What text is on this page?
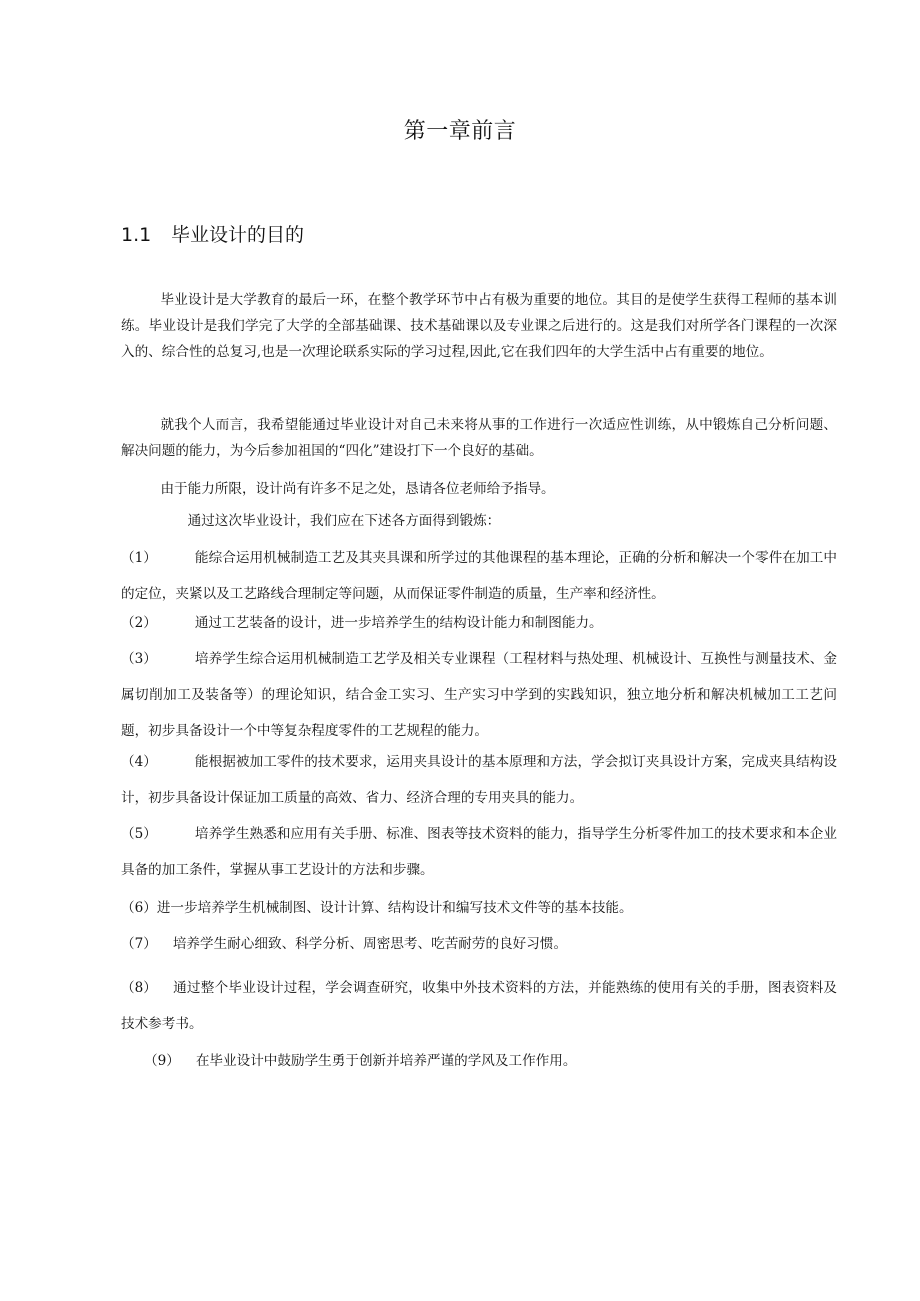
第一章前言
1.1 毕业设计的目的
毕业设计是大学教育的最后一环，在整个教学环节中占有极为重要的地位。其目的是使学生获得工程师的基本训练。毕业设计是我们学完了大学的全部基础课、技术基础课以及专业课之后进行的。这是我们对所学各门课程的一次深入的、综合性的总复习,也是一次理论联系实际的学习过程,因此,它在我们四年的大学生活中占有重要的地位。
就我个人而言，我希望能通过毕业设计对自己未来将从事的工作进行一次适应性训练，从中锻炼自己分析问题、解决问题的能力，为今后参加祖国的“四化”建设打下一个良好的基础。
由于能力所限，设计尚有许多不足之处，恳请各位老师给予指导。
通过这次毕业设计，我们应在下述各方面得到锻炼：
（1）	能综合运用机械制造工艺及其夹具课和所学过的其他课程的基本理论，正确的分析和解决一个零件在加工中的定位，夹紧以及工艺路线合理制定等问题，从而保证零件制造的质量，生产率和经济性。
（2）	通过工艺装备的设计，进一步培养学生的结构设计能力和制图能力。
（3）	培养学生综合运用机械制造工艺学及相关专业课程（工程材料与热处理、机械设计、互换性与测量技术、金属切削加工及装备等）的理论知识，结合金工实习、生产实习中学到的实践知识，独立地分析和解决机械加工工艺问题，初步具备设计一个中等复杂程度零件的工艺规程的能力。
（4）	能根据被加工零件的技术要求，运用夹具设计的基本原理和方法，学会拟订夹具设计方案，完成夹具结构设计，初步具备设计保证加工质量的高效、省力、经济合理的专用夹具的能力。
（5）	培养学生熟悉和应用有关手册、标准、图表等技术资料的能力，指导学生分析零件加工的技术要求和本企业具备的加工条件，掌握从事工艺设计的方法和步骤。
（6）进一步培养学生机械制图、设计计算、结构设计和编写技术文件等的基本技能。
（7） 培养学生耐心细致、科学分析、周密思考、吃苦耐劳的良好习惯。
（8） 通过整个毕业设计过程，学会调查研究，收集中外技术资料的方法，并能熟练的使用有关的手册，图表资料及技术参考书。
（9） 在毕业设计中鼓励学生勇于创新并培养严谨的学风及工作作用。
